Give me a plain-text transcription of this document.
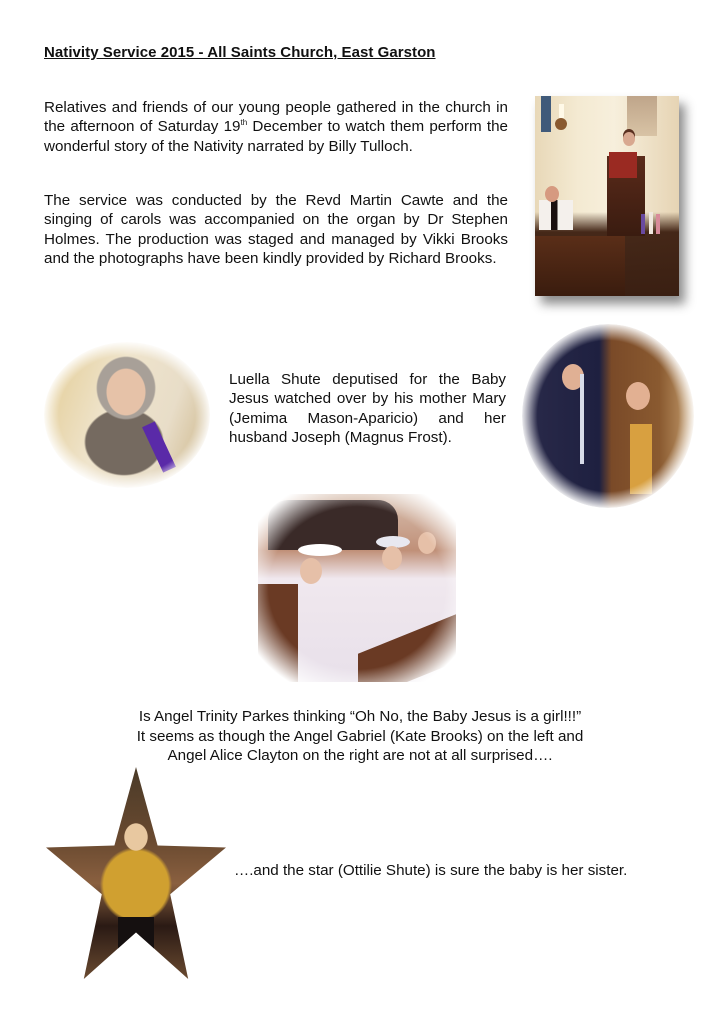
Nativity Service 2015 - All Saints Church, East Garston

Relatives and friends of our young people gathered in the church in the afternoon of Saturday 19th December to watch them perform the wonderful story of the Nativity narrated by Billy Tulloch.

The service was conducted by the Revd Martin Cawte and the singing of carols was accompanied on the organ by Dr Stephen Holmes. The production was staged and managed by Vikki Brooks and the photographs have been kindly provided by Richard Brooks.

Luella Shute deputised for the Baby Jesus watched over by his mother Mary (Jemima Mason-Aparicio) and her husband Joseph (Magnus Frost).

Is Angel Trinity Parkes thinking “Oh No, the Baby Jesus is a girl!!!”
It seems as though the Angel Gabriel (Kate Brooks) on the left and
Angel Alice Clayton on the right are not at all surprised….
….and the star (Ottilie Shute) is sure the baby is her sister.
